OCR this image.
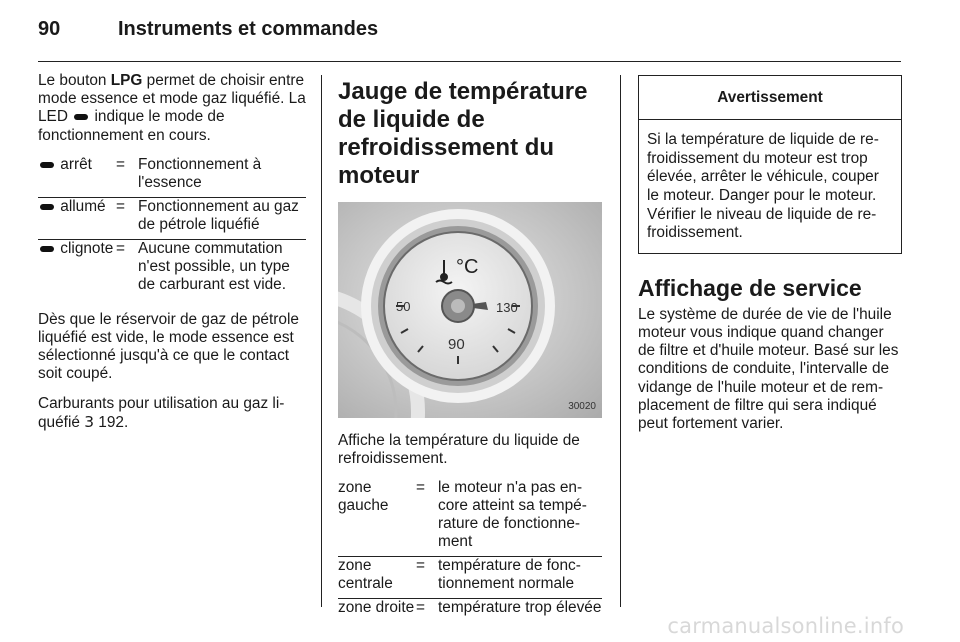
90	Instruments et commandes

Le bouton LPG permet de choisir entre mode essence et mode gaz liquéfié. La LED  indique le mode de fonctionnement en cours.

arrêt	=	Fonctionnement à l'essence
allumé	=	Fonctionnement au gaz de pétrole liquéfié
clignote	=	Aucune commutation n'est possible, un type de carburant est vide.

Dès que le réservoir de gaz de pétrole liquéfié est vide, le mode essence est sélectionné jusqu'à ce que le contact soit coupé.

Carburants pour utilisation au gaz liquéfié 3 192.

Jauge de température de liquide de refroidissement du moteur
°C
50
90
130
30020

Affiche la température du liquide de refroidissement.

zone gauche	=	le moteur n'a pas encore atteint sa température de fonctionnement
zone centrale	=	température de fonctionnement normale
zone droite	=	température trop élevée
Avertissement
Si la température de liquide de refroidissement du moteur est trop élevée, arrêter le véhicule, couper le moteur. Danger pour le moteur. Vérifier le niveau de liquide de refroidissement.
Affichage de service

Le système de durée de vie de l'huile moteur vous indique quand changer de filtre et d'huile moteur. Basé sur les conditions de conduite, l'intervalle de vidange de l'huile moteur et de remplacement de filtre qui sera indiqué peut fortement varier.

carmanualsonline.info
